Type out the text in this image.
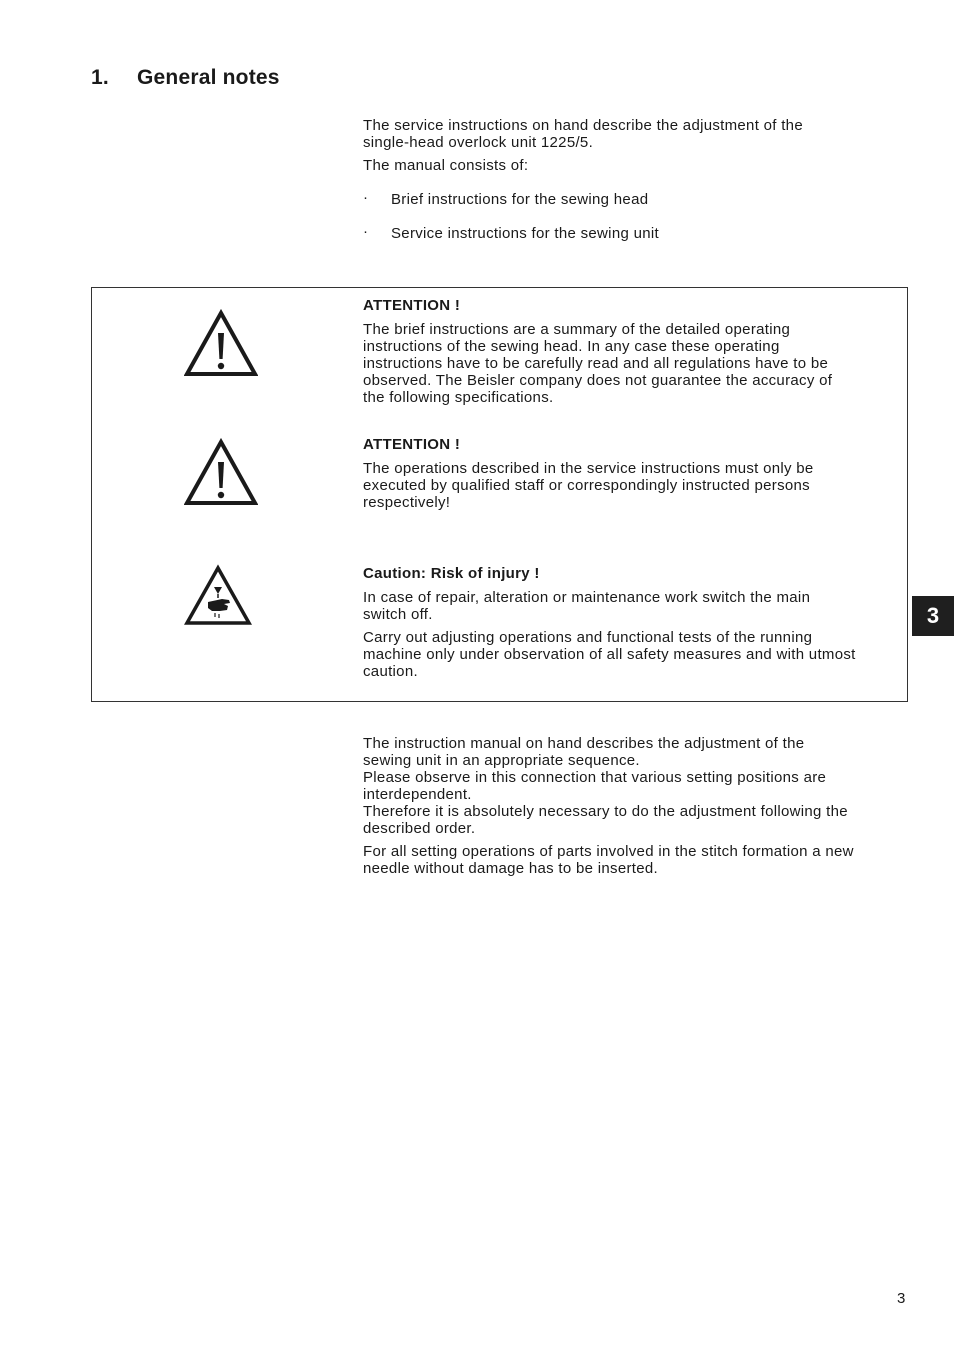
1. General notes

The service instructions on hand describe the adjustment of the

single-head overlock unit 1225/5.

The manual consists of:

·	Brief instructions for the sewing head
·	Service instructions for the sewing unit

ATTENTION !

The brief instructions are a summary of the detailed operating

instructions of the sewing head. In any case these operating

instructions have to be carefully read and all regulations have to be

observed. The Beisler company does not guarantee the accuracy of

the following specifications.

ATTENTION !

The operations described in the service instructions must only be

executed by qualified staff or correspondingly instructed persons

respectively!

Caution: Risk of injury !

In case of repair, alteration or maintenance work switch the main

switch off.

Carry out adjusting operations and functional tests of the running

machine only under observation of all safety measures and with utmost

caution.

The instruction manual on hand describes the adjustment of the

sewing unit in an appropriate sequence.

Please observe in this connection that various setting positions are

interdependent.

Therefore it is absolutely necessary to do the adjustment following the

described order.

For all setting operations of parts involved in the stitch formation a new

needle without damage has to be inserted.

3
3
